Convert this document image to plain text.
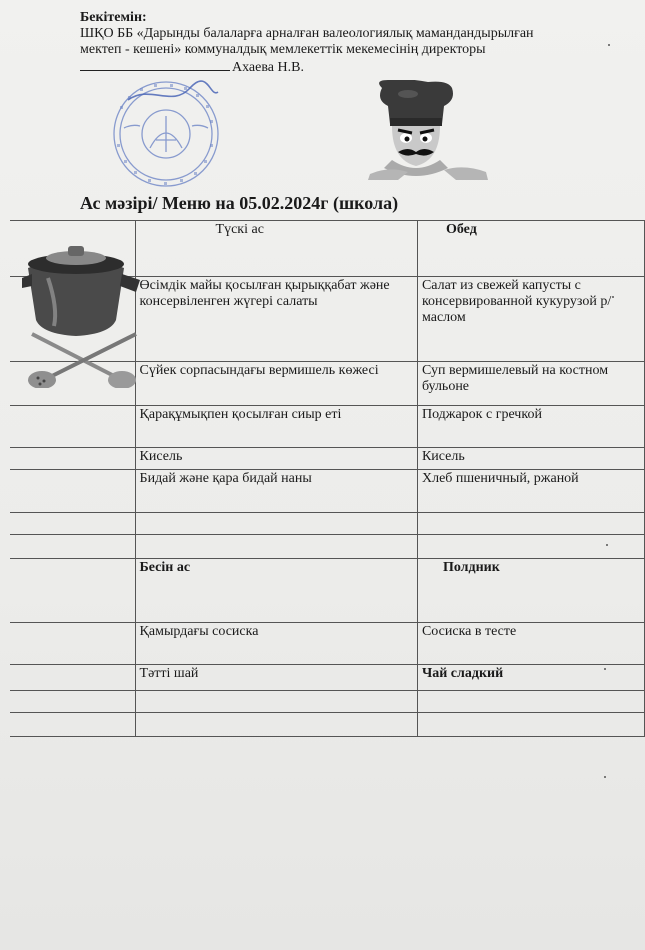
Бекітемін:
ШҚО ББ «Дарынды балаларға арналған валеологиялық мамандандырылған
мектеп - кешені» коммуналдық мемлекеттік мекемесінің директоры
Ахаева Н.В.
Ас мәзірі/ Меню на 05.02.2024г (школа)
	Түскі ас	Обед
	Өсімдік майы қосылған қырыққабат және консервіленген жүгері салаты	Салат из свежей капусты с консервированной кукурузой р/маслом
	Сүйек сорпасындағы вермишель көжесі	Суп вермишелевый на костном бульоне
	Қарақұмықпен қосылған сиыр еті	Поджарок с гречкой
	Кисель	Кисель
	Бидай және қара бидай наны	Хлеб пшеничный, ржаной

	Бесін ас	Полдник
	Қамырдағы сосиска	Сосиска в тесте
	Тәтті шай	Чай сладкий
